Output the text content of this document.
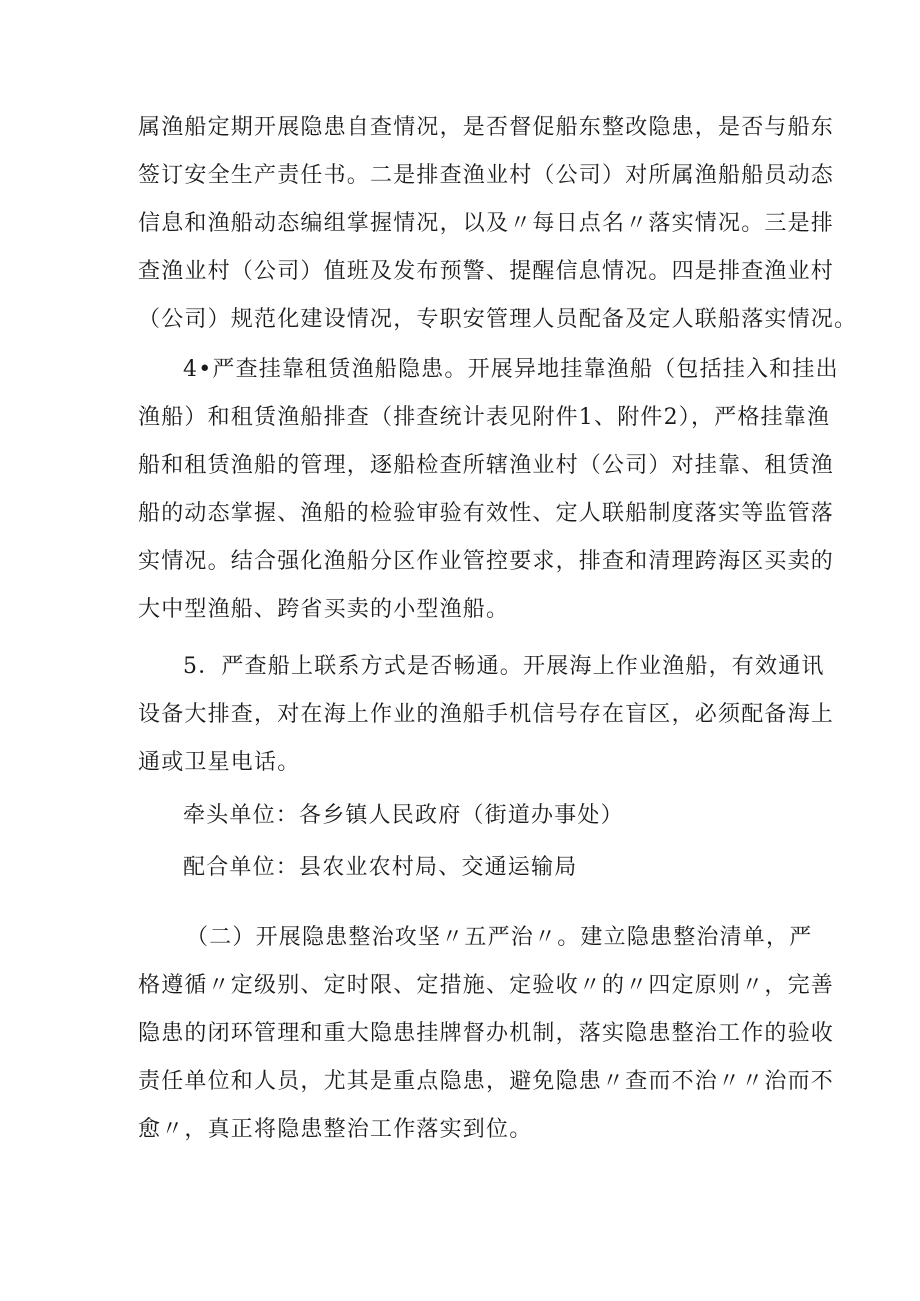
属渔船定期开展隐患自查情况，是否督促船东整改隐患，是否与船东
签订安全生产责任书。二是排查渔业村（公司）对所属渔船船员动态
信息和渔船动态编组掌握情况，以及〃每日点名〃落实情况。三是排
查渔业村（公司）值班及发布预警、提醒信息情况。四是排查渔业村
（公司）规范化建设情况，专职安管理人员配备及定人联船落实情况。
4•严查挂靠租赁渔船隐患。开展异地挂靠渔船（包括挂入和挂出
渔船）和租赁渔船排查（排查统计表见附件1、附件2），严格挂靠渔
船和租赁渔船的管理，逐船检查所辖渔业村（公司）对挂靠、租赁渔
船的动态掌握、渔船的检验审验有效性、定人联船制度落实等监管落
实情况。结合强化渔船分区作业管控要求，排查和清理跨海区买卖的
大中型渔船、跨省买卖的小型渔船。
5．严查船上联系方式是否畅通。开展海上作业渔船，有效通讯
设备大排查，对在海上作业的渔船手机信号存在盲区，必须配备海上
通或卫星电话。
牵头单位：各乡镇人民政府（街道办事处）
配合单位：县农业农村局、交通运输局
（二）开展隐患整治攻坚〃五严治〃。建立隐患整治清单，严
格遵循〃定级别、定时限、定措施、定验收〃的〃四定原则〃，完善
隐患的闭环管理和重大隐患挂牌督办机制，落实隐患整治工作的验收
责任单位和人员，尤其是重点隐患，避免隐患〃查而不治〃〃治而不
愈〃，真正将隐患整治工作落实到位。
